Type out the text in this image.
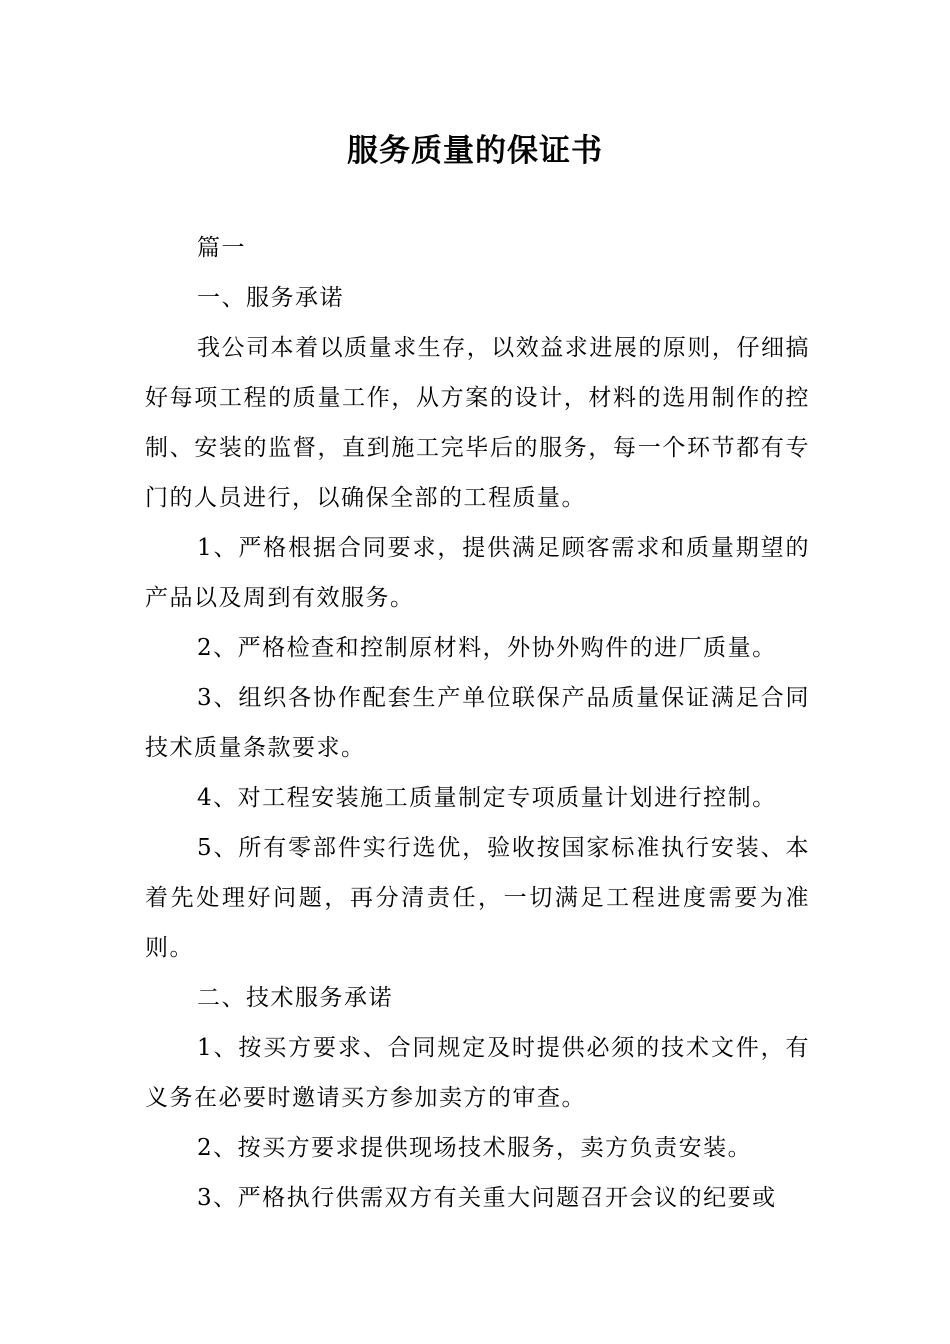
服务质量的保证书

篇一

一、服务承诺

我公司本着以质量求生存，以效益求进展的原则，仔细搞好每项工程的质量工作，从方案的设计，材料的选用制作的控制、安装的监督，直到施工完毕后的服务，每一个环节都有专门的人员进行，以确保全部的工程质量。

1、严格根据合同要求，提供满足顾客需求和质量期望的产品以及周到有效服务。

2、严格检查和控制原材料，外协外购件的进厂质量。

3、组织各协作配套生产单位联保产品质量保证满足合同技术质量条款要求。

4、对工程安装施工质量制定专项质量计划进行控制。

5、所有零部件实行选优，验收按国家标准执行安装、本着先处理好问题，再分清责任，一切满足工程进度需要为准则。

二、技术服务承诺

1、按买方要求、合同规定及时提供必须的技术文件，有义务在必要时邀请买方参加卖方的审查。

2、按买方要求提供现场技术服务，卖方负责安装。

3、严格执行供需双方有关重大问题召开会议的纪要或
